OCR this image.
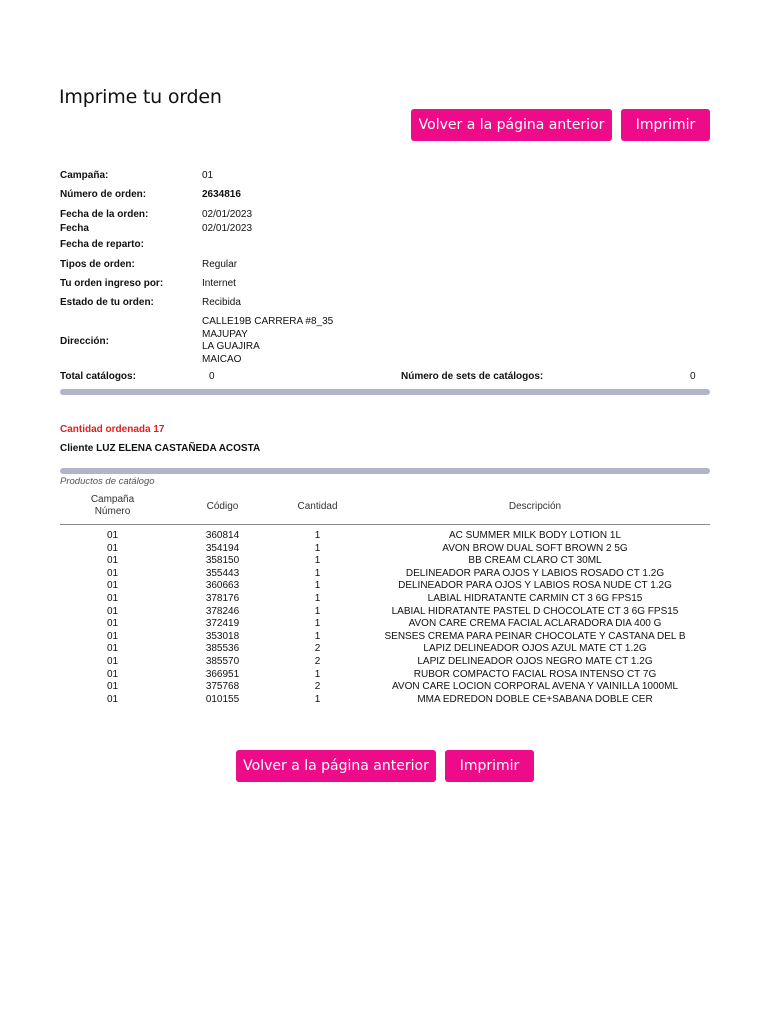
Imprime tu orden
Volver a la página anterior	Imprimir
Campaña:	01
Número de orden:	2634816
Fecha de la orden:	02/01/2023
Fecha	02/01/2023
Fecha de reparto:
Tipos de orden:	Regular
Tu orden ingreso por:	Internet
Estado de tu orden:	Recibida
Dirección:
CALLE19B CARRERA #8_35
MAJUPAY
LA GUAJIRA
MAICAO
Total catálogos:	0	Número de sets de catálogos:	0
Cantidad ordenada 17
Cliente LUZ ELENA CASTAÑEDA ACOSTA
Productos de catálogo
Campaña
Número	Código	Cantidad	Descripción
01	360814	1	AC SUMMER MILK BODY LOTION 1L
01	354194	1	AVON BROW DUAL SOFT BROWN 2 5G
01	358150	1	BB CREAM CLARO CT 30ML
01	355443	1	DELINEADOR PARA OJOS Y LABIOS ROSADO CT 1.2G
01	360663	1	DELINEADOR PARA OJOS Y LABIOS ROSA NUDE CT 1.2G
01	378176	1	LABIAL HIDRATANTE CARMIN CT 3 6G FPS15
01	378246	1	LABIAL HIDRATANTE PASTEL D CHOCOLATE CT 3 6G FPS15
01	372419	1	AVON CARE CREMA FACIAL ACLARADORA DIA 400 G
01	353018	1	SENSES CREMA PARA PEINAR CHOCOLATE Y CASTANA DEL B
01	385536	2	LAPIZ DELINEADOR OJOS AZUL MATE CT 1.2G
01	385570	2	LAPIZ DELINEADOR OJOS NEGRO MATE CT 1.2G
01	366951	1	RUBOR COMPACTO FACIAL ROSA INTENSO CT 7G
01	375768	2	AVON CARE LOCION CORPORAL AVENA Y VAINILLA 1000ML
01	010155	1	MMA EDREDON DOBLE CE+SABANA DOBLE CER
Volver a la página anterior	Imprimir
